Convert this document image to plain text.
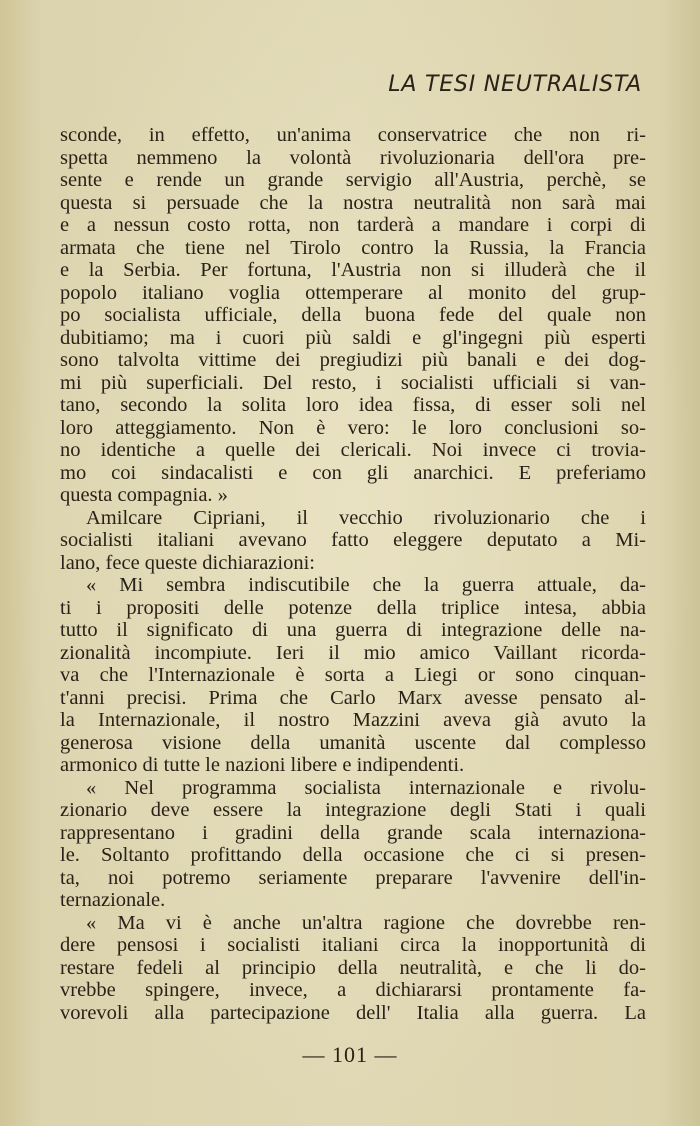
LA TESI NEUTRALISTA
sconde, in effetto, un'anima conservatrice che non ri-
spetta nemmeno la volontà rivoluzionaria dell'ora pre-
sente e rende un grande servigio all'Austria, perchè, se
questa si persuade che la nostra neutralità non sarà mai
e a nessun costo rotta, non tarderà a mandare i corpi di
armata che tiene nel Tirolo contro la Russia, la Francia
e la Serbia. Per fortuna, l'Austria non si illuderà che il
popolo italiano voglia ottemperare al monito del grup-
po socialista ufficiale, della buona fede del quale non
dubitiamo; ma i cuori più saldi e gl'ingegni più esperti
sono talvolta vittime dei pregiudizi più banali e dei dog-
mi più superficiali. Del resto, i socialisti ufficiali si van-
tano, secondo la solita loro idea fissa, di esser soli nel
loro atteggiamento. Non è vero: le loro conclusioni so-
no identiche a quelle dei clericali. Noi invece ci trovia-
mo coi sindacalisti e con gli anarchici. E preferiamo
questa compagnia. »
Amilcare Cipriani, il vecchio rivoluzionario che i
socialisti italiani avevano fatto eleggere deputato a Mi-
lano, fece queste dichiarazioni:
« Mi sembra indiscutibile che la guerra attuale, da-
ti i propositi delle potenze della triplice intesa, abbia
tutto il significato di una guerra di integrazione delle na-
zionalità incompiute. Ieri il mio amico Vaillant ricorda-
va che l'Internazionale è sorta a Liegi or sono cinquan-
t'anni precisi. Prima che Carlo Marx avesse pensato al-
la Internazionale, il nostro Mazzini aveva già avuto la
generosa visione della umanità uscente dal complesso
armonico di tutte le nazioni libere e indipendenti.
« Nel programma socialista internazionale e rivolu-
zionario deve essere la integrazione degli Stati i quali
rappresentano i gradini della grande scala internaziona-
le. Soltanto profittando della occasione che ci si presen-
ta, noi potremo seriamente preparare l'avvenire dell'in-
ternazionale.
« Ma vi è anche un'altra ragione che dovrebbe ren-
dere pensosi i socialisti italiani circa la inopportunità di
restare fedeli al principio della neutralità, e che li do-
vrebbe spingere, invece, a dichiararsi prontamente fa-
vorevoli alla partecipazione dell' Italia alla guerra. La
— 101 —
